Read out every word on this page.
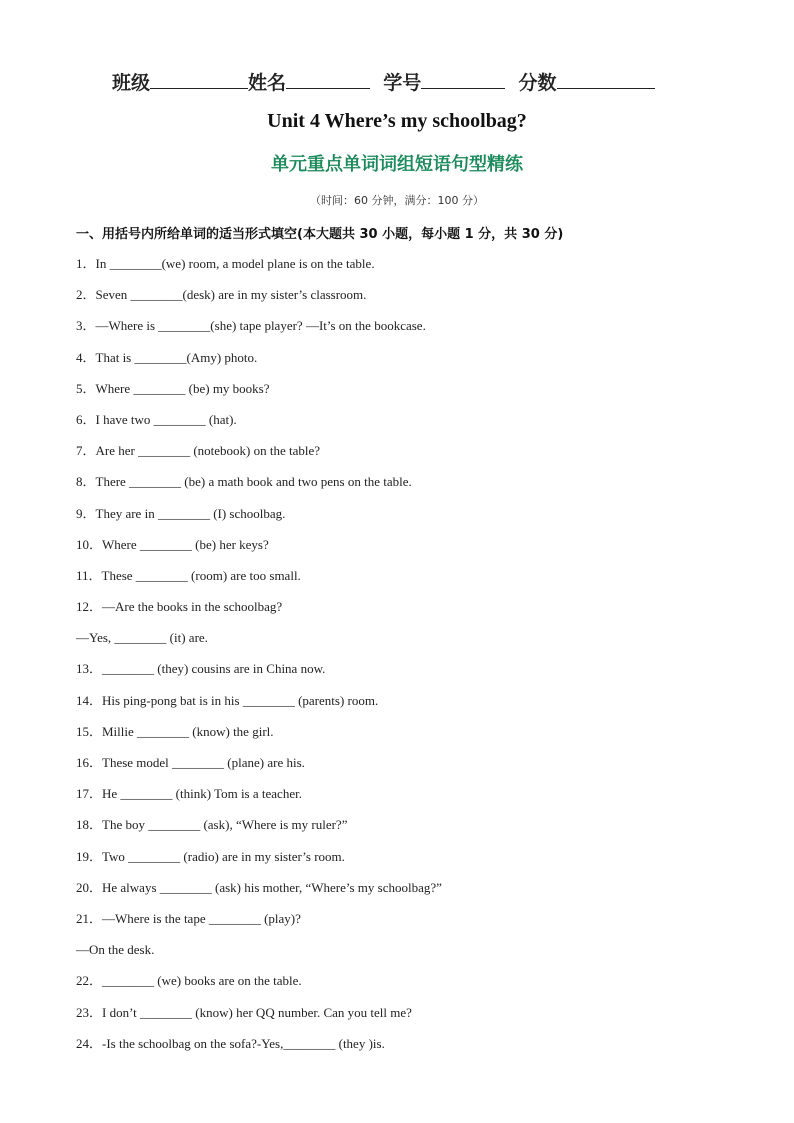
班级	姓名	学号	分数
Unit 4 Where’s my schoolbag?
单元重点单词词组短语句型精练
（时间：60 分钟，满分：100 分）
一、用括号内所给单词的适当形式填空(本大题共 30 小题，每小题 1 分，共 30 分)
1．In ________(we) room, a model plane is on the table.
2．Seven ________(desk) are in my sister’s classroom.
3．—Where is ________(she) tape player? —It’s on the bookcase.
4．That is ________(Amy) photo.
5．Where ________ (be) my books?
6．I have two ________ (hat).
7．Are her ________ (notebook) on the table?
8．There ________ (be) a math book and two pens on the table.
9．They are in ________ (I) schoolbag.
10．Where ________ (be) her keys?
11．These ________ (room) are too small.
12．—Are the books in the schoolbag?
—Yes, ________ (it) are.
13．________ (they) cousins are in China now.
14．His ping-pong bat is in his ________ (parents) room.
15．Millie ________ (know) the girl.
16．These model ________ (plane) are his.
17．He ________ (think) Tom is a teacher.
18．The boy ________ (ask), “Where is my ruler?”
19．Two ________ (radio) are in my sister’s room.
20．He always ________ (ask) his mother, “Where’s my schoolbag?”
21．—Where is the tape ________ (play)?
—On the desk.
22．________ (we) books are on the table.
23．I don’t ________ (know) her QQ number. Can you tell me?
24．-Is the schoolbag on the sofa?-Yes,________ (they )is.
